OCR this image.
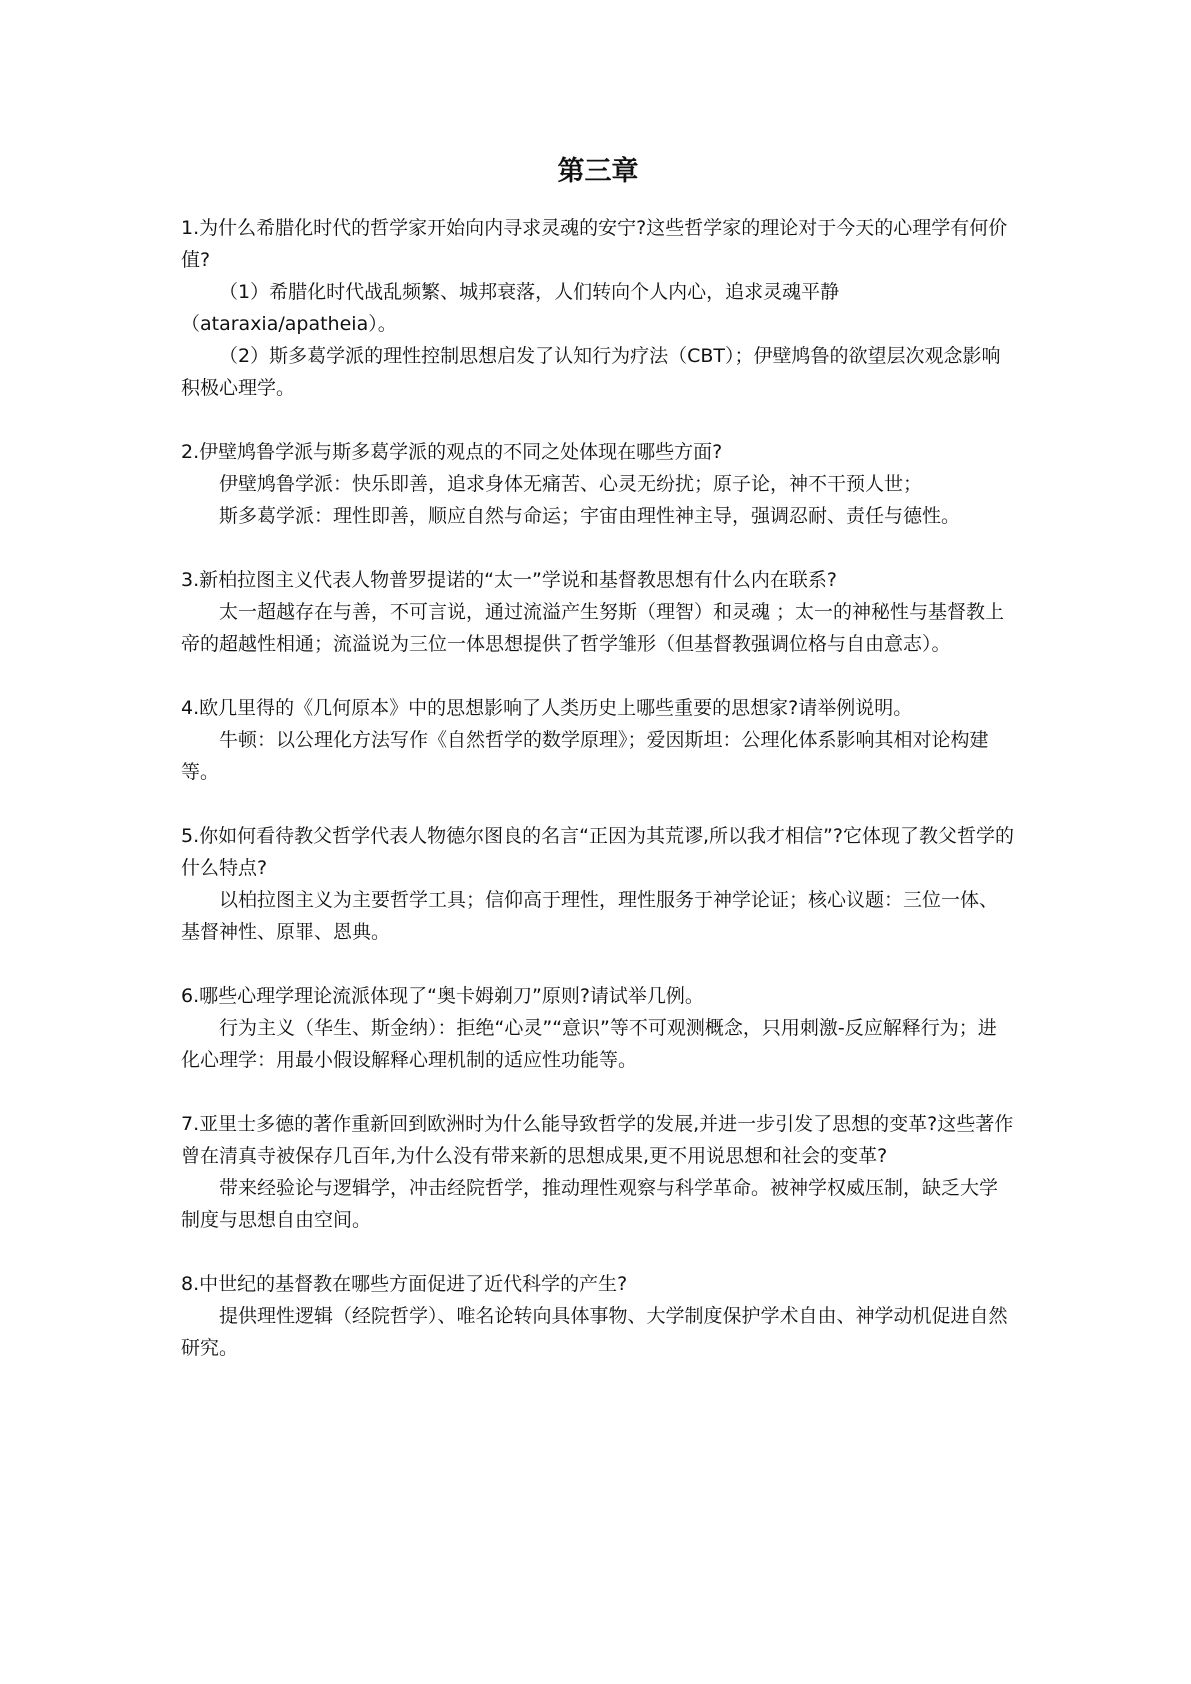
第三章

1.为什么希腊化时代的哲学家开始向内寻求灵魂的安宁?这些哲学家的理论对于今天的心理学有何价值?

（1）希腊化时代战乱频繁、城邦衰落，人们转向个人内心，追求灵魂平静（ataraxia/apatheia）。

（2）斯多葛学派的理性控制思想启发了认知行为疗法（CBT）；伊壁鸠鲁的欲望层次观念影响积极心理学。

2.伊壁鸠鲁学派与斯多葛学派的观点的不同之处体现在哪些方面?

伊壁鸠鲁学派：快乐即善，追求身体无痛苦、心灵无纷扰；原子论，神不干预人世；

斯多葛学派：理性即善，顺应自然与命运；宇宙由理性神主导，强调忍耐、责任与德性。

3.新柏拉图主义代表人物普罗提诺的“太一”学说和基督教思想有什么内在联系?

太一超越存在与善，不可言说，通过流溢产生努斯（理智）和灵魂 ；太一的神秘性与基督教上帝的超越性相通；流溢说为三位一体思想提供了哲学雏形（但基督教强调位格与自由意志）。

4.欧几里得的《几何原本》中的思想影响了人类历史上哪些重要的思想家?请举例说明。

牛顿：以公理化方法写作《自然哲学的数学原理》；爱因斯坦：公理化体系影响其相对论构建等。

5.你如何看待教父哲学代表人物德尔图良的名言“正因为其荒谬,所以我才相信”?它体现了教父哲学的什么特点?

以柏拉图主义为主要哲学工具；信仰高于理性，理性服务于神学论证；核心议题：三位一体、基督神性、原罪、恩典。

6.哪些心理学理论流派体现了“奥卡姆剃刀”原则?请试举几例。

行为主义（华生、斯金纳）：拒绝“心灵”“意识”等不可观测概念，只用刺激-反应解释行为；进化心理学：用最小假设解释心理机制的适应性功能等。

7.亚里士多德的著作重新回到欧洲时为什么能导致哲学的发展,并进一步引发了思想的变革?这些著作曾在清真寺被保存几百年,为什么没有带来新的思想成果,更不用说思想和社会的变革?

带来经验论与逻辑学，冲击经院哲学，推动理性观察与科学革命。被神学权威压制，缺乏大学制度与思想自由空间。

8.中世纪的基督教在哪些方面促进了近代科学的产生?

提供理性逻辑（经院哲学）、唯名论转向具体事物、大学制度保护学术自由、神学动机促进自然研究。
